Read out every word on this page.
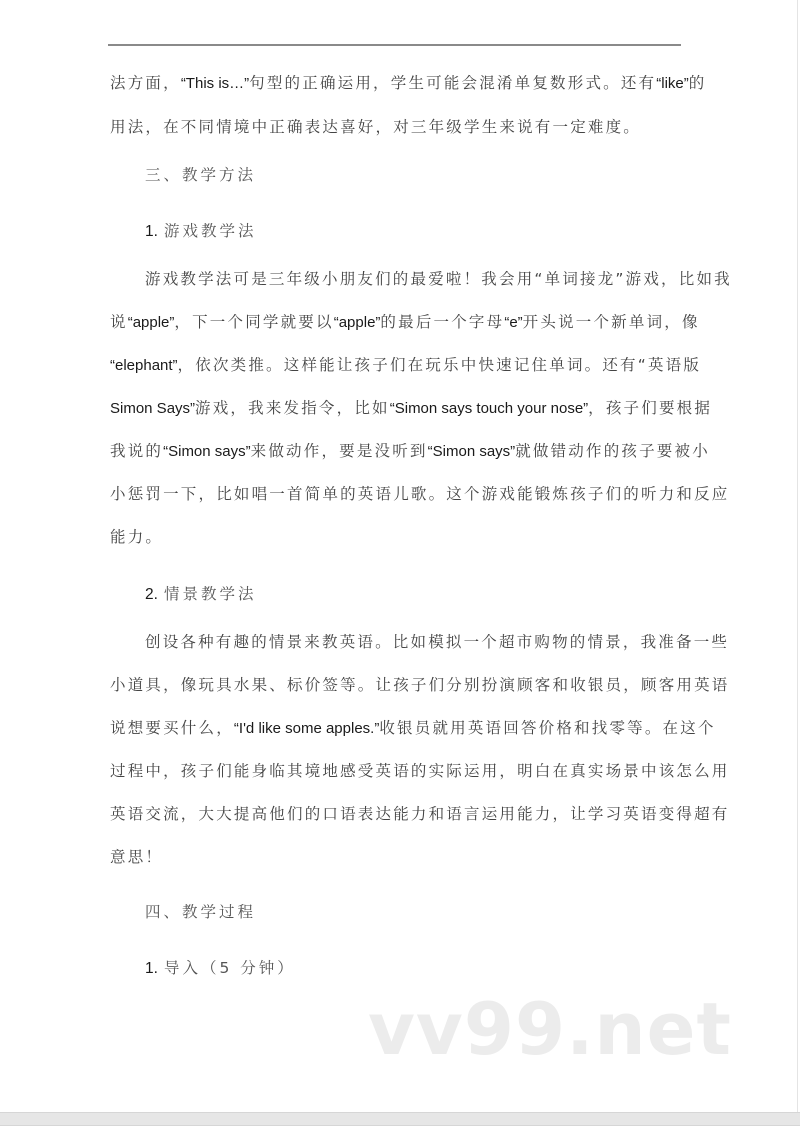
法方面，“This is…”句型的正确运用，学生可能会混淆单复数形式。还有“like”的
用法，在不同情境中正确表达喜好，对三年级学生来说有一定难度。
三、教学方法
1. 游戏教学法
游戏教学法可是三年级小朋友们的最爱啦！我会用“单词接龙”游戏，比如我
说“apple”，下一个同学就要以“apple”的最后一个字母“e”开头说一个新单词，像
“elephant”，依次类推。这样能让孩子们在玩乐中快速记住单词。还有“英语版
Simon Says”游戏，我来发指令，比如“Simon says touch your nose”，孩子们要根据
我说的“Simon says”来做动作，要是没听到“Simon says”就做错动作的孩子要被小
小惩罚一下，比如唱一首简单的英语儿歌。这个游戏能锻炼孩子们的听力和反应
能力。
2. 情景教学法
创设各种有趣的情景来教英语。比如模拟一个超市购物的情景，我准备一些
小道具，像玩具水果、标价签等。让孩子们分别扮演顾客和收银员，顾客用英语
说想要买什么，“I'd like some apples.”收银员就用英语回答价格和找零等。在这个
过程中，孩子们能身临其境地感受英语的实际运用，明白在真实场景中该怎么用
英语交流，大大提高他们的口语表达能力和语言运用能力，让学习英语变得超有
意思！
四、教学过程
1. 导入（5 分钟）
vv99.net
